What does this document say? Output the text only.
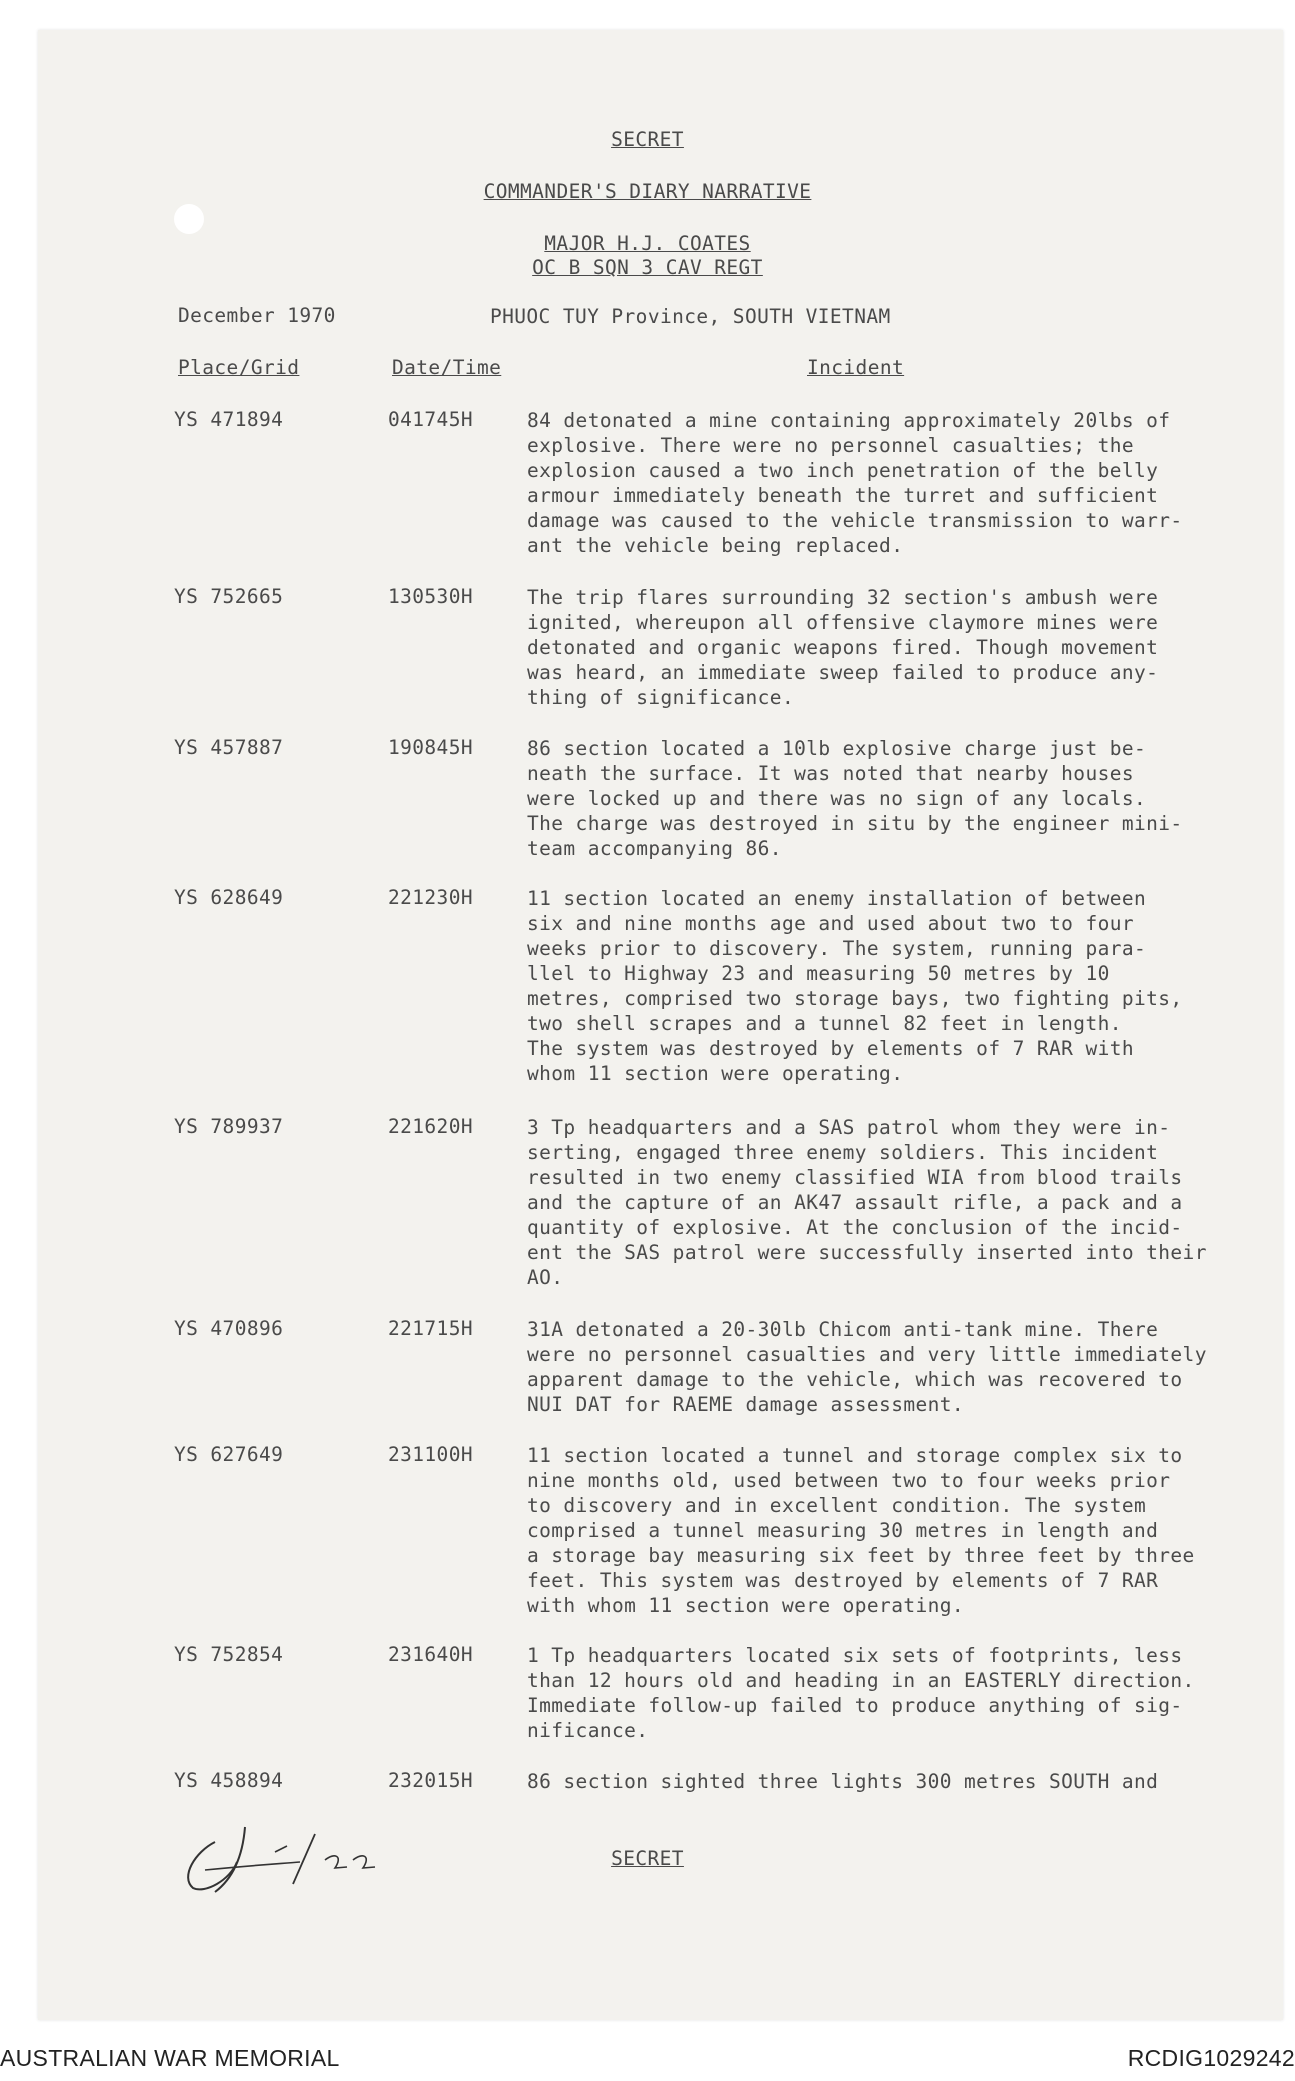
SECRET
COMMANDER'S DIARY NARRATIVE
MAJOR H.J. COATES
OC B SQN 3 CAV REGT
December 1970	PHUOC TUY Province, SOUTH VIETNAM
Place/Grid	Date/Time	Incident
YS 471894	041745H	84 detonated a mine containing approximately 20lbs of
explosive. There were no personnel casualties; the
explosion caused a two inch penetration of the belly
armour immediately beneath the turret and sufficient
damage was caused to the vehicle transmission to warr-
ant the vehicle being replaced.
YS 752665	130530H	The trip flares surrounding 32 section's ambush were
ignited, whereupon all offensive claymore mines were
detonated and organic weapons fired. Though movement
was heard, an immediate sweep failed to produce any-
thing of significance.
YS 457887	190845H	86 section located a 10lb explosive charge just be-
neath the surface. It was noted that nearby houses
were locked up and there was no sign of any locals.
The charge was destroyed in situ by the engineer mini-
team accompanying 86.
YS 628649	221230H	11 section located an enemy installation of between
six and nine months age and used about two to four
weeks prior to discovery. The system, running para-
llel to Highway 23 and measuring 50 metres by 10
metres, comprised two storage bays, two fighting pits,
two shell scrapes and a tunnel 82 feet in length.
The system was destroyed by elements of 7 RAR with
whom 11 section were operating.
YS 789937	221620H	3 Tp headquarters and a SAS patrol whom they were in-
serting, engaged three enemy soldiers. This incident
resulted in two enemy classified WIA from blood trails
and the capture of an AK47 assault rifle, a pack and a
quantity of explosive. At the conclusion of the incid-
ent the SAS patrol were successfully inserted into their
AO.
YS 470896	221715H	31A detonated a 20-30lb Chicom anti-tank mine. There
were no personnel casualties and very little immediately
apparent damage to the vehicle, which was recovered to
NUI DAT for RAEME damage assessment.
YS 627649	231100H	11 section located a tunnel and storage complex six to
nine months old, used between two to four weeks prior
to discovery and in excellent condition. The system
comprised a tunnel measuring 30 metres in length and
a storage bay measuring six feet by three feet by three
feet. This system was destroyed by elements of 7 RAR
with whom 11 section were operating.
YS 752854	231640H	1 Tp headquarters located six sets of footprints, less
than 12 hours old and heading in an EASTERLY direction.
Immediate follow-up failed to produce anything of sig-
nificance.
YS 458894	232015H	86 section sighted three lights 300 metres SOUTH and
SECRET
AUSTRALIAN WAR MEMORIAL	RCDIG1029242
